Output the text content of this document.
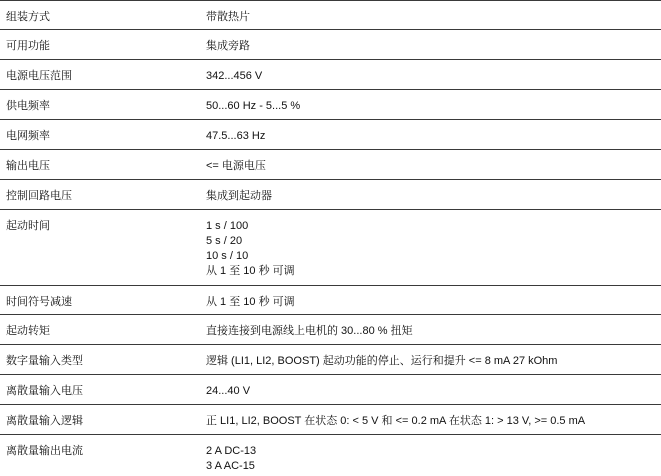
组装方式	带散热片
可用功能	集成旁路
电源电压范围	342...456 V
供电频率	50...60 Hz - 5...5 %
电网频率	47.5...63 Hz
输出电压	<= 电源电压
控制回路电压	集成到起动器
起动时间	1 s / 100
5 s / 20
10 s / 10
从 1 至 10 秒 可调
时间符号减速	从 1 至 10 秒 可调
起动转矩	直接连接到电源线上电机的 30...80 % 扭矩
数字量输入类型	逻辑 (LI1, LI2, BOOST) 起动功能的停止、运行和提升 <= 8 mA 27 kOhm
离散量输入电压	24...40 V
离散量输入逻辑	正 LI1, LI2, BOOST 在状态 0: < 5 V 和 <= 0.2 mA 在状态 1: > 13 V, >= 0.5 mA
离散量输出电流	2 A DC-13
3 A AC-15
